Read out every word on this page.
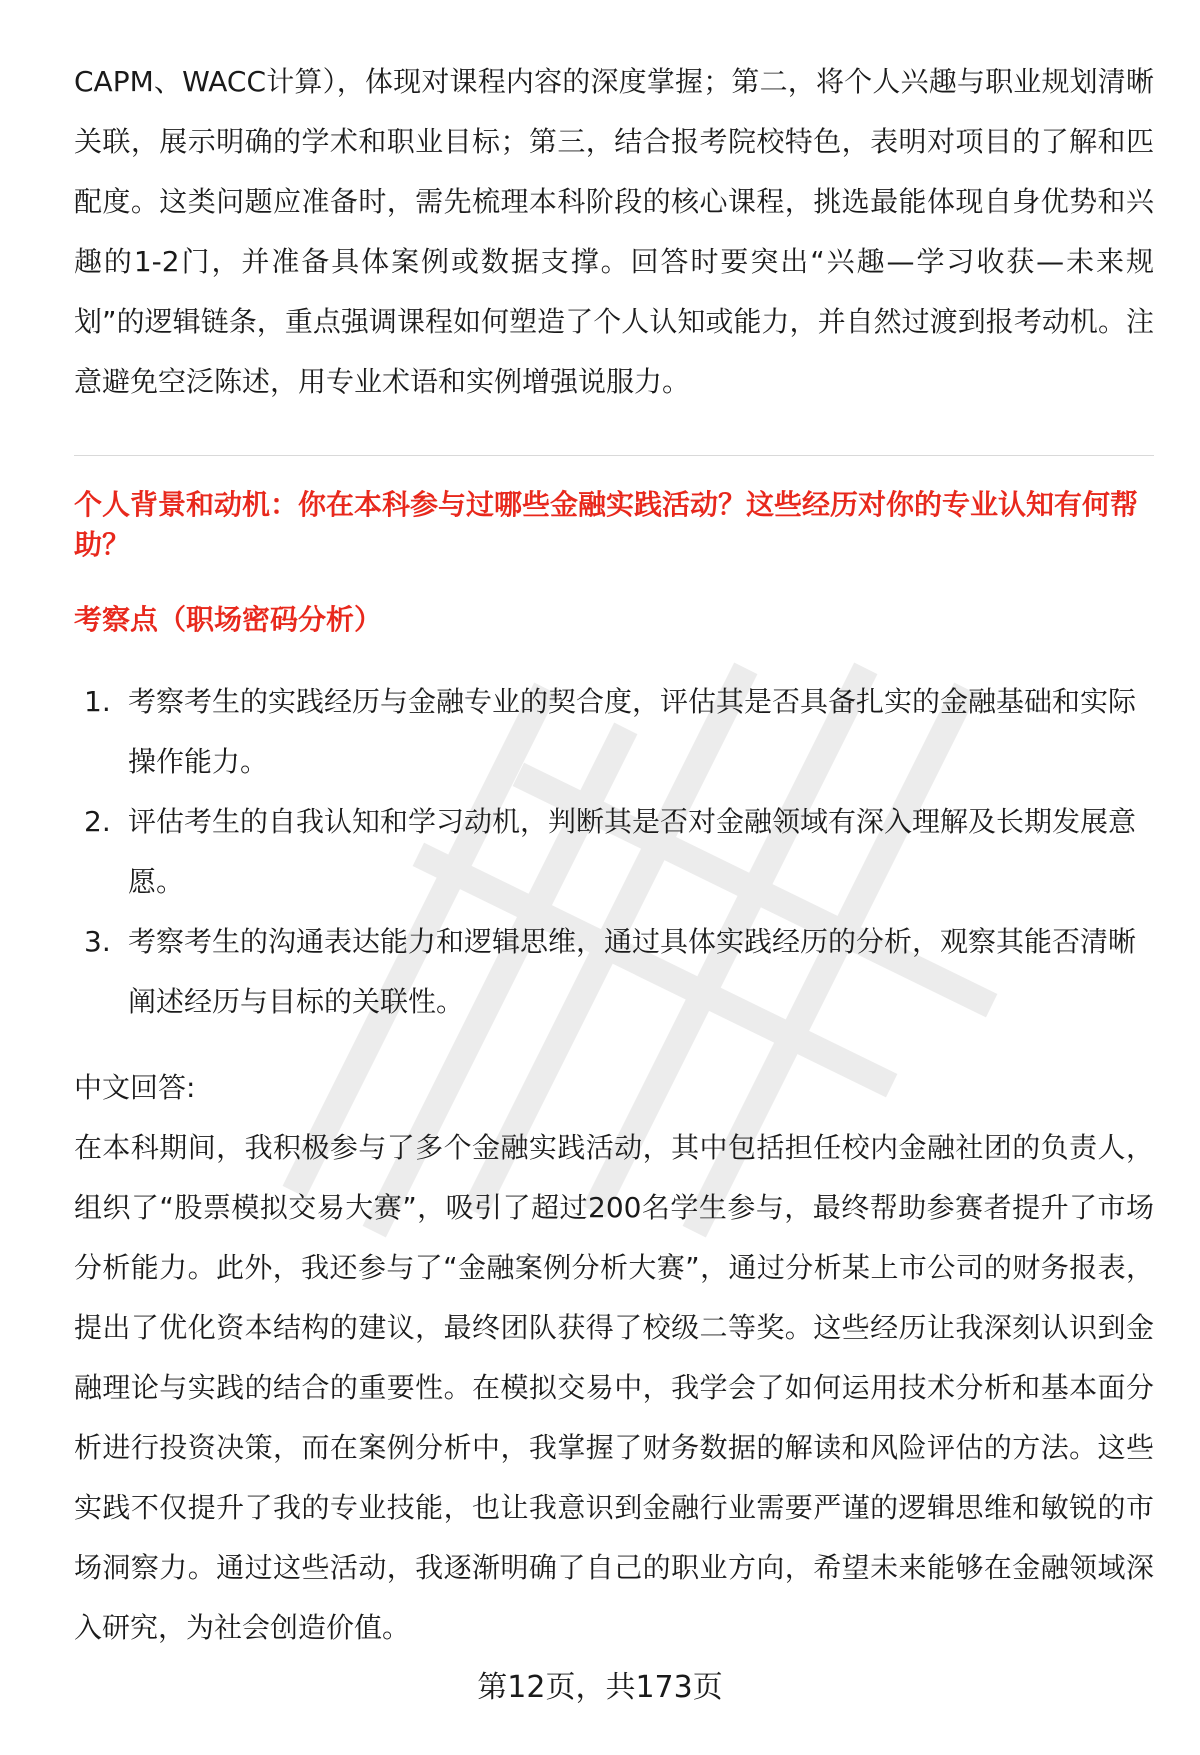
CAPM、WACC计算），体现对课程内容的深度掌握；第二，将个人兴趣与职业规划清晰关联，展示明确的学术和职业目标；第三，结合报考院校特色，表明对项目的了解和匹配度。这类问题应准备时，需先梳理本科阶段的核心课程，挑选最能体现自身优势和兴趣的1-2门，并准备具体案例或数据支撑。回答时要突出“兴趣—学习收获—未来规划”的逻辑链条，重点强调课程如何塑造了个人认知或能力，并自然过渡到报考动机。注意避免空泛陈述，用专业术语和实例增强说服力。

个人背景和动机：你在本科参与过哪些金融实践活动？这些经历对你的专业认知有何帮助？

考察点（职场密码分析）

1. 考察考生的实践经历与金融专业的契合度，评估其是否具备扎实的金融基础和实际操作能力。
2. 评估考生的自我认知和学习动机，判断其是否对金融领域有深入理解及长期发展意愿。
3. 考察考生的沟通表达能力和逻辑思维，通过具体实践经历的分析，观察其能否清晰阐述经历与目标的关联性。

中文回答:

在本科期间，我积极参与了多个金融实践活动，其中包括担任校内金融社团的负责人，组织了“股票模拟交易大赛”，吸引了超过200名学生参与，最终帮助参赛者提升了市场分析能力。此外，我还参与了“金融案例分析大赛”，通过分析某上市公司的财务报表，提出了优化资本结构的建议，最终团队获得了校级二等奖。这些经历让我深刻认识到金融理论与实践的结合的重要性。在模拟交易中，我学会了如何运用技术分析和基本面分析进行投资决策，而在案例分析中，我掌握了财务数据的解读和风险评估的方法。这些实践不仅提升了我的专业技能，也让我意识到金融行业需要严谨的逻辑思维和敏锐的市场洞察力。通过这些活动，我逐渐明确了自己的职业方向，希望未来能够在金融领域深入研究，为社会创造价值。

第12页，共173页
